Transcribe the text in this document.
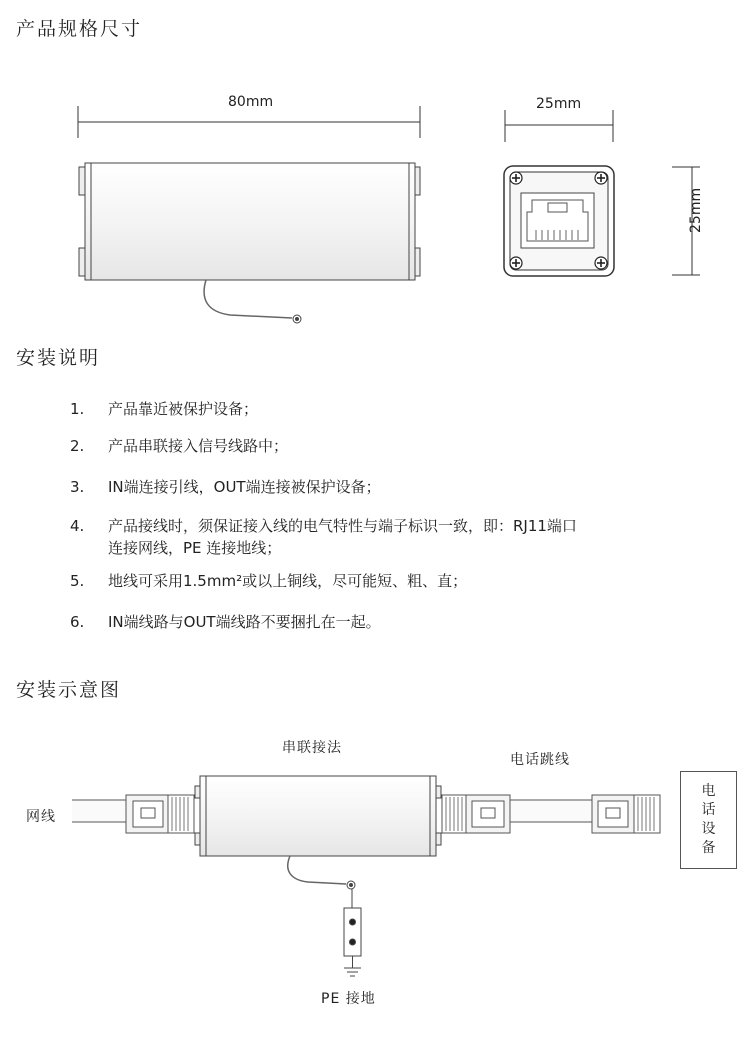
产品规格尺寸
安装说明
安装示意图
80mm	25mm
25mm
1. 产品靠近被保护设备；
2. 产品串联接入信号线路中；
3. IN端连接引线，OUT端连接被保护设备；
4. 产品接线时，须保证接入线的电气特性与端子标识一致，即：RJ11端口
连接网线，PE 连接地线；
5. 地线可采用1.5mm²或以上铜线，尽可能短、粗、直；
6. IN端线路与OUT端线路不要捆扎在一起。
串联接法
电话跳线
网线
PE 接地
电
话
设
备
